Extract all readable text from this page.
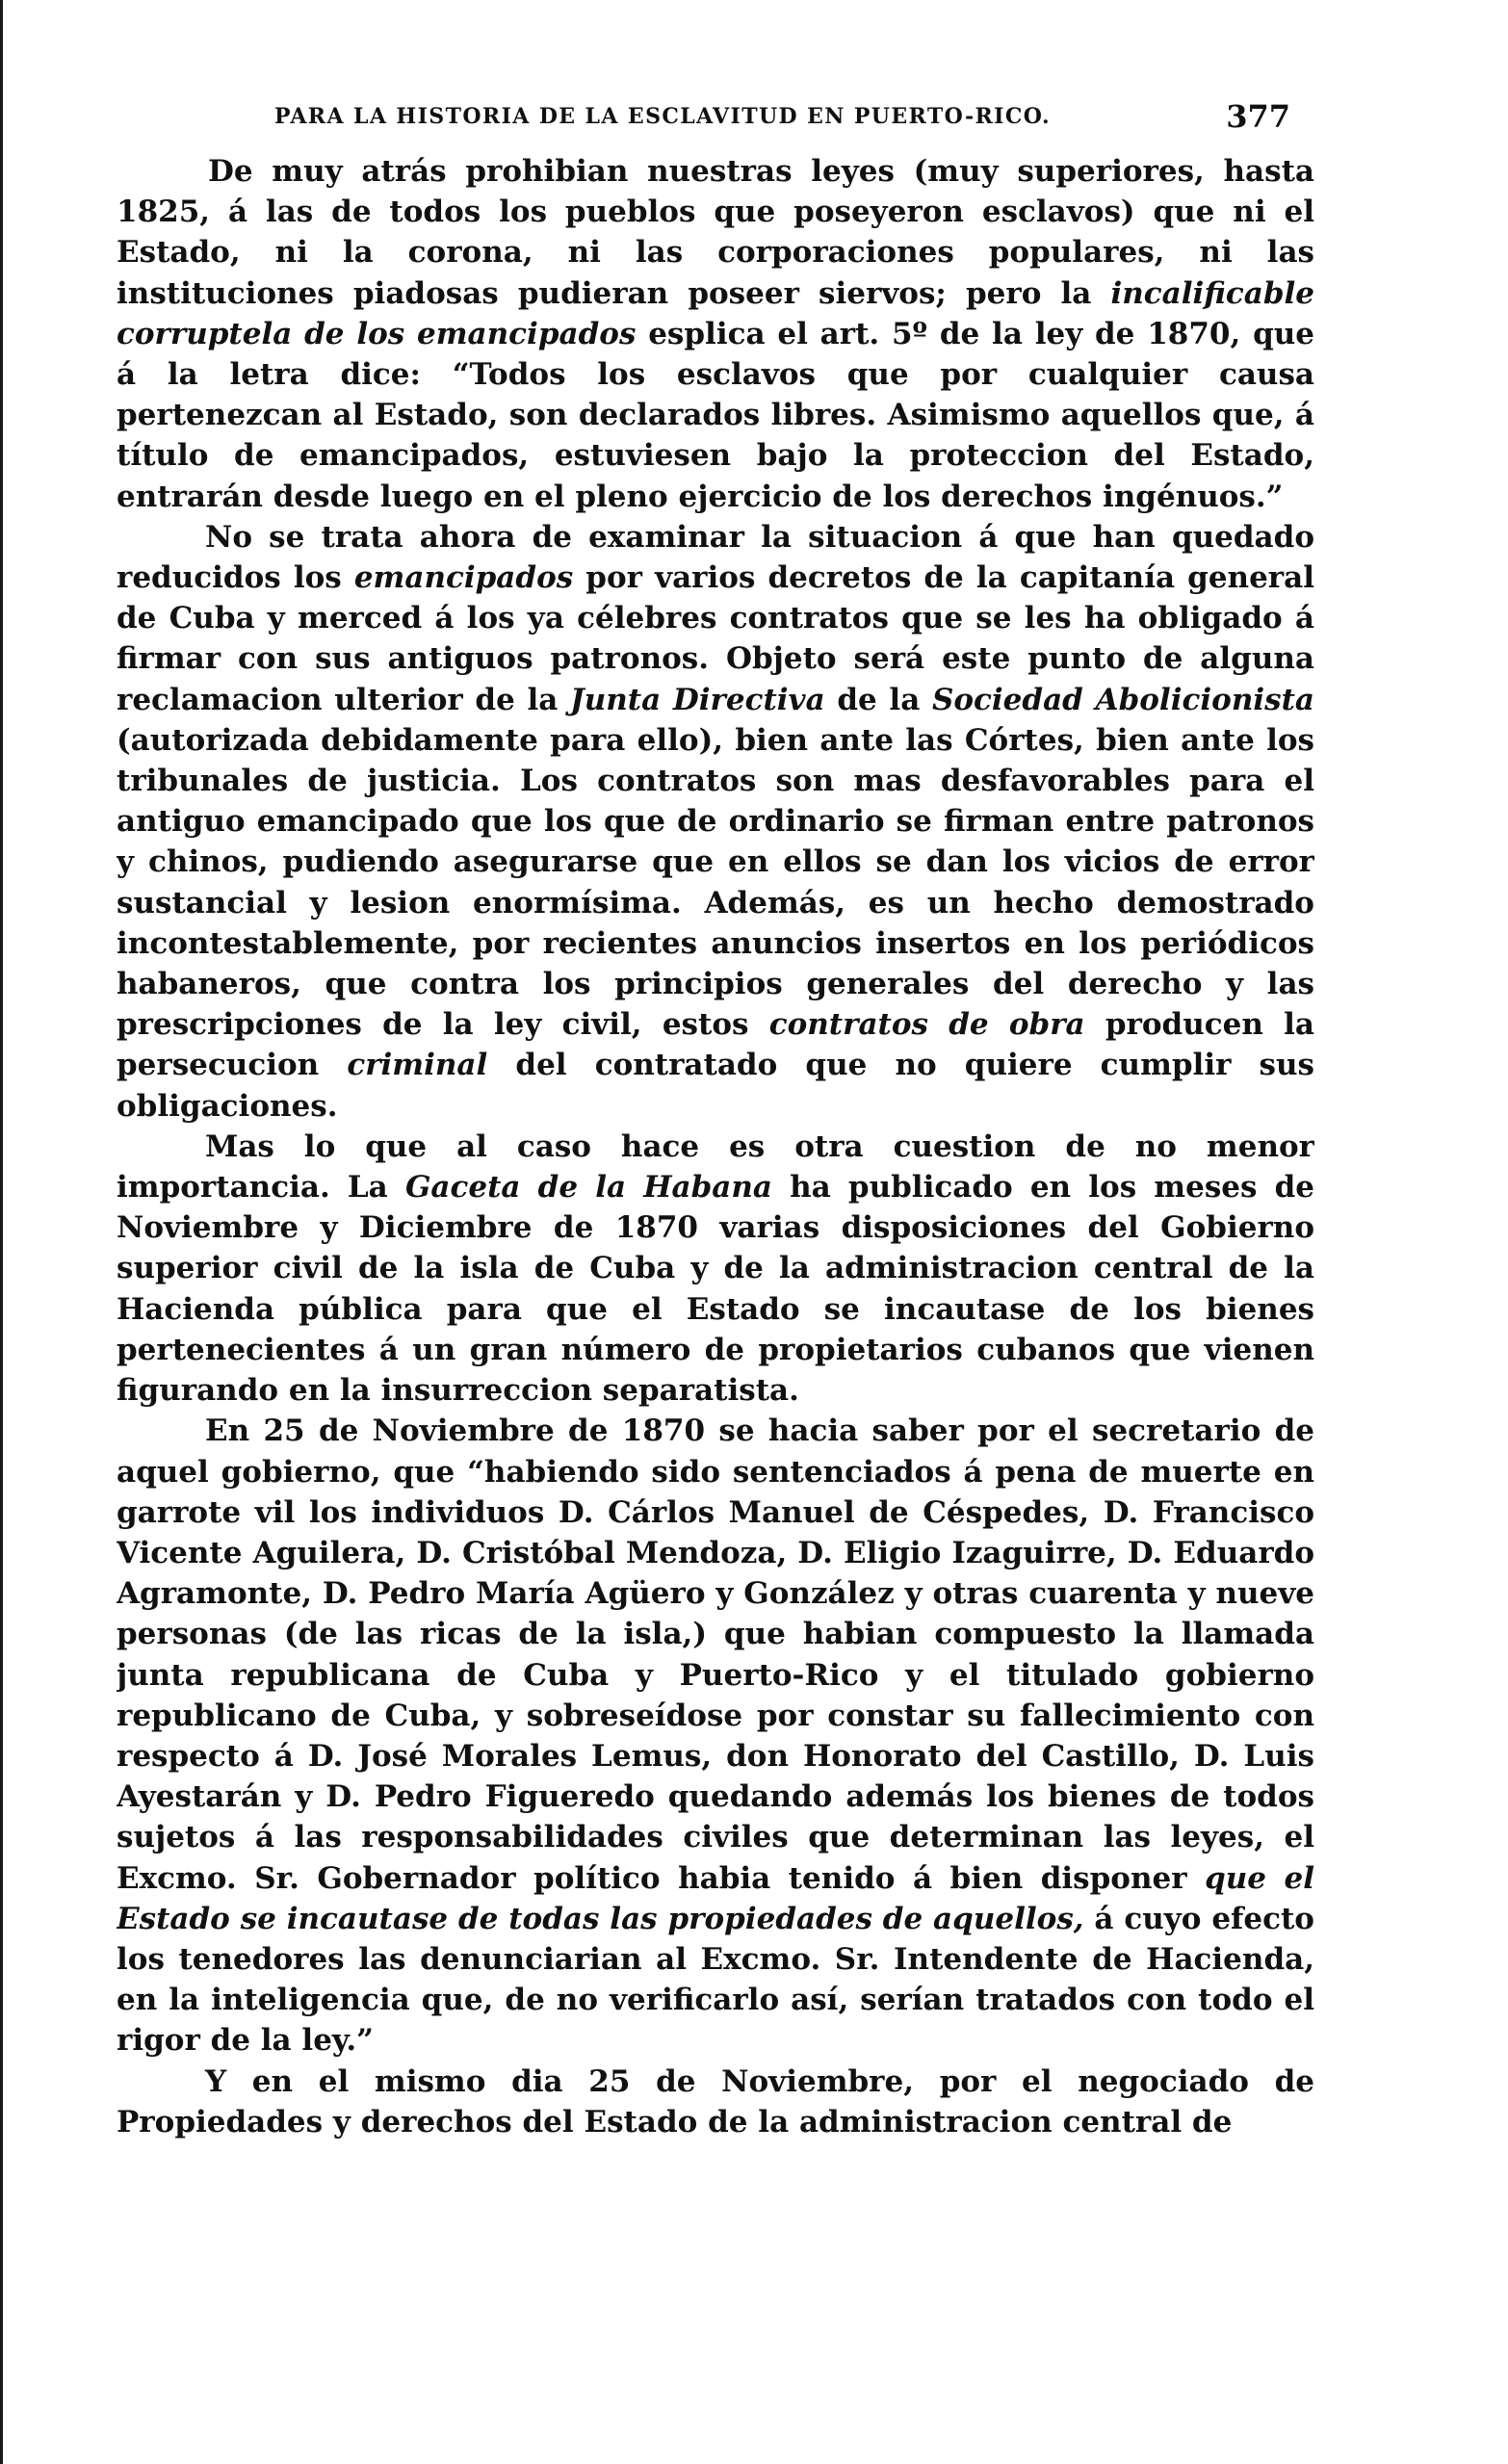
PARA LA HISTORIA DE LA ESCLAVITUD EN PUERTO-RICO.	377

De muy atrás prohibian nuestras leyes (muy superiores, hasta 1825, á las de todos los pueblos que poseyeron esclavos) que ni el Estado, ni la corona, ni las corporaciones populares, ni las instituciones piadosas pudieran poseer siervos; pero la incalificable corruptela de los emancipados esplica el art. 5º de la ley de 1870, que á la letra dice: “Todos los esclavos que por cualquier causa pertenezcan al Estado, son declarados libres. Asimismo aquellos que, á título de emancipados, estuviesen bajo la proteccion del Estado, entrarán desde luego en el pleno ejercicio de los derechos ingénuos.”

No se trata ahora de examinar la situacion á que han quedado reducidos los emancipados por varios decretos de la capitanía general de Cuba y merced á los ya célebres contratos que se les ha obligado á firmar con sus antiguos patronos. Objeto será este punto de alguna reclamacion ulterior de la Junta Directiva de la Sociedad Abolicionista (autorizada debidamente para ello), bien ante las Córtes, bien ante los tribunales de justicia. Los contratos son mas desfavorables para el antiguo emancipado que los que de ordinario se firman entre patronos y chinos, pudiendo asegurarse que en ellos se dan los vicios de error sustancial y lesion enormísima. Además, es un hecho demostrado incontestablemente, por recientes anuncios insertos en los periódicos habaneros, que contra los principios generales del derecho y las prescripciones de la ley civil, estos contratos de obra producen la persecucion criminal del contratado que no quiere cumplir sus obligaciones.

Mas lo que al caso hace es otra cuestion de no menor importancia. La Gaceta de la Habana ha publicado en los meses de Noviembre y Diciembre de 1870 varias disposiciones del Gobierno superior civil de la isla de Cuba y de la administracion central de la Hacienda pública para que el Estado se incautase de los bienes pertenecientes á un gran número de propietarios cubanos que vienen figurando en la insurreccion separatista.

En 25 de Noviembre de 1870 se hacia saber por el secretario de aquel gobierno, que “habiendo sido sentenciados á pena de muerte en garrote vil los individuos D. Cárlos Manuel de Céspedes, D. Francisco Vicente Aguilera, D. Cristóbal Mendoza, D. Eligio Izaguirre, D. Eduardo Agramonte, D. Pedro María Agüero y González y otras cuarenta y nueve personas (de las ricas de la isla,) que habian compuesto la llamada junta republicana de Cuba y Puerto-Rico y el titulado gobierno republicano de Cuba, y sobreseídose por constar su fallecimiento con respecto á D. José Morales Lemus, don Honorato del Castillo, D. Luis Ayestarán y D. Pedro Figueredo quedando además los bienes de todos sujetos á las responsabilidades civiles que determinan las leyes, el Excmo. Sr. Gobernador político habia tenido á bien disponer que el Estado se incautase de todas las propiedades de aquellos, á cuyo efecto los tenedores las denunciarian al Excmo. Sr. Intendente de Hacienda, en la inteligencia que, de no verificarlo así, serían tratados con todo el rigor de la ley.”

Y en el mismo dia 25 de Noviembre, por el negociado de Propiedades y derechos del Estado de la administracion central de
